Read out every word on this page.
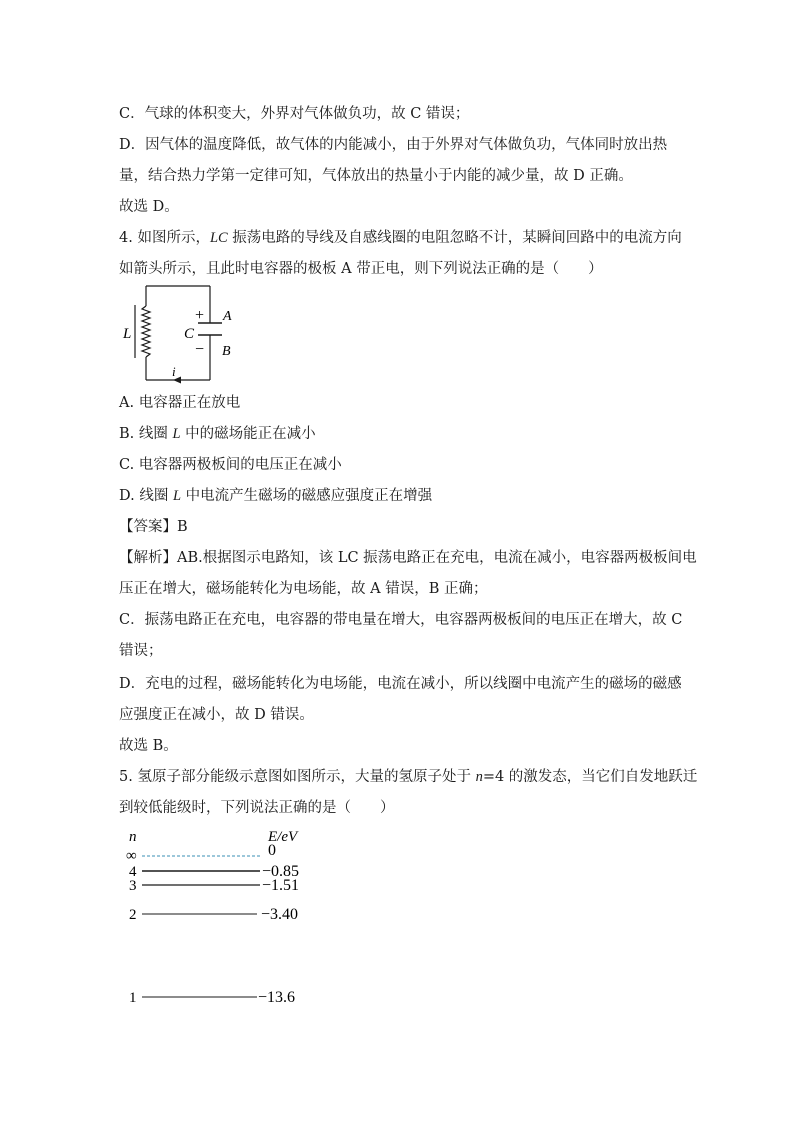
C．气球的体积变大，外界对气体做负功，故 C 错误；
D．因气体的温度降低，故气体的内能减小，由于外界对气体做负功，气体同时放出热
量，结合热力学第一定律可知，气体放出的热量小于内能的减少量，故 D 正确。
故选 D。
4. 如图所示，LC 振荡电路的导线及自感线圈的电阻忽略不计，某瞬间回路中的电流方向
如箭头所示，且此时电容器的极板 A 带正电，则下列说法正确的是（　　）
L	C
A
B
+
−
i
A. 电容器正在放电
B. 线圈 L 中的磁场能正在减小
C. 电容器两极板间的电压正在减小
D. 线圈 L 中电流产生磁场的磁感应强度正在增强
【答案】B
【解析】AB.根据图示电路知，该 LC 振荡电路正在充电，电流在减小，电容器两极板间电
压正在增大，磁场能转化为电场能，故 A 错误，B 正确；
C．振荡电路正在充电，电容器的带电量在增大，电容器两极板间的电压正在增大，故 C
错误；
D．充电的过程，磁场能转化为电场能，电流在减小，所以线圈中电流产生的磁场的磁感
应强度正在减小，故 D 错误。
故选 B。
5. 氢原子部分能级示意图如图所示，大量的氢原子处于 n=4 的激发态，当它们自发地跃迁
到较低能级时，下列说法正确的是（　　）
n	E/eV
∞	0
4	−0.85
3	−1.51
2	−3.40
1	−13.6
